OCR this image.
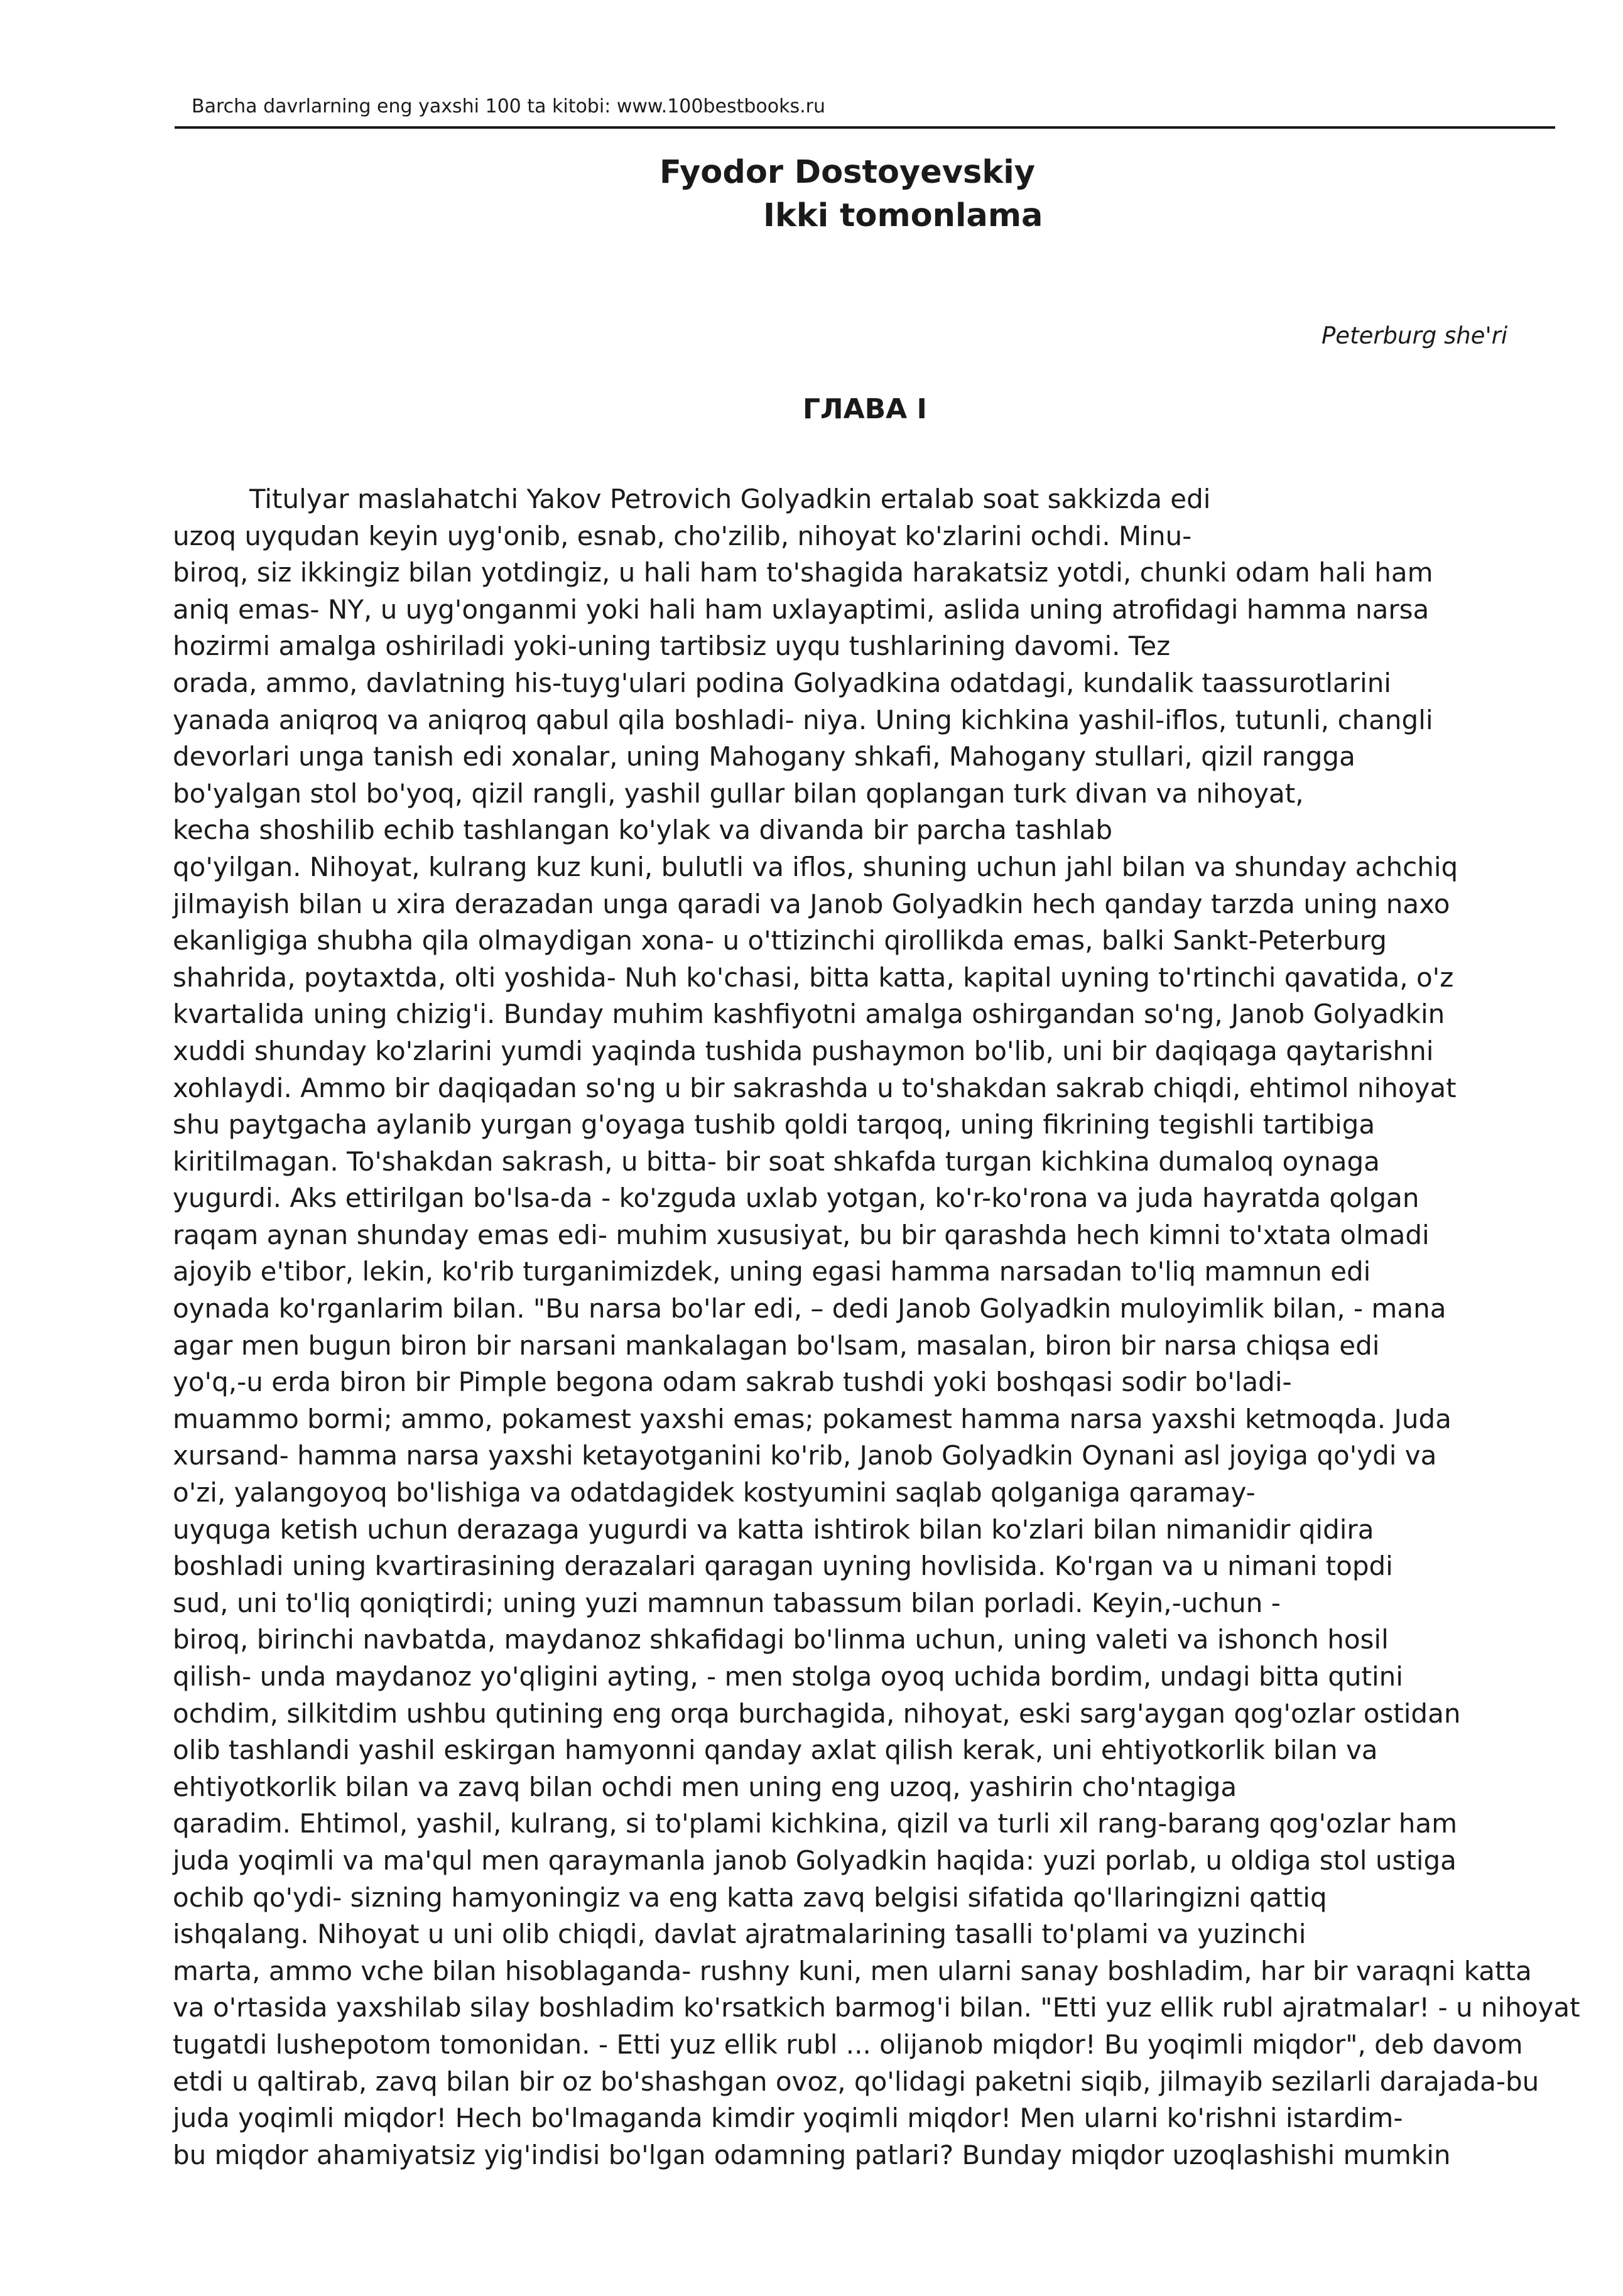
Barcha davrlarning eng yaxshi 100 ta kitobi: www.100bestbooks.ru
Fyodor Dostoyevskiy
Ikki tomonlama
Peterburg she'ri
ГЛАВА I
Titulyar maslahatchi Yakov Petrovich Golyadkin ertalab soat sakkizda edi
uzoq uyqudan keyin uyg'onib, esnab, cho'zilib, nihoyat ko'zlarini ochdi. Minu-
biroq, siz ikkingiz bilan yotdingiz, u hali ham to'shagida harakatsiz yotdi, chunki odam hali ham
aniq emas- NY, u uyg'onganmi yoki hali ham uxlayaptimi, aslida uning atrofidagi hamma narsa
hozirmi amalga oshiriladi yoki-uning tartibsiz uyqu tushlarining davomi. Tez
orada, ammo, davlatning his-tuyg'ulari podina Golyadkina odatdagi, kundalik taassurotlarini
yanada aniqroq va aniqroq qabul qila boshladi- niya. Uning kichkina yashil-iflos, tutunli, changli
devorlari unga tanish edi xonalar, uning Mahogany shkafi, Mahogany stullari, qizil rangga
bo'yalgan stol bo'yoq, qizil rangli, yashil gullar bilan qoplangan turk divan va nihoyat,
kecha shoshilib echib tashlangan ko'ylak va divanda bir parcha tashlab
qo'yilgan. Nihoyat, kulrang kuz kuni, bulutli va iflos, shuning uchun jahl bilan va shunday achchiq
jilmayish bilan u xira derazadan unga qaradi va Janob Golyadkin hech qanday tarzda uning naxo
ekanligiga shubha qila olmaydigan xona- u o'ttizinchi qirollikda emas, balki Sankt-Peterburg
shahrida, poytaxtda, olti yoshida- Nuh ko'chasi, bitta katta, kapital uyning to'rtinchi qavatida, o'z
kvartalida uning chizig'i. Bunday muhim kashfiyotni amalga oshirgandan so'ng, Janob Golyadkin
xuddi shunday ko'zlarini yumdi yaqinda tushida pushaymon bo'lib, uni bir daqiqaga qaytarishni
xohlaydi. Ammo bir daqiqadan so'ng u bir sakrashda u to'shakdan sakrab chiqdi, ehtimol nihoyat
shu paytgacha aylanib yurgan g'oyaga tushib qoldi tarqoq, uning fikrining tegishli tartibiga
kiritilmagan. To'shakdan sakrash, u bitta- bir soat shkafda turgan kichkina dumaloq oynaga
yugurdi. Aks ettirilgan bo'lsa-da - ko'zguda uxlab yotgan, ko'r-ko'rona va juda hayratda qolgan
raqam aynan shunday emas edi- muhim xususiyat, bu bir qarashda hech kimni to'xtata olmadi
ajoyib e'tibor, lekin, ko'rib turganimizdek, uning egasi hamma narsadan to'liq mamnun edi
oynada ko'rganlarim bilan. "Bu narsa bo'lar edi, – dedi Janob Golyadkin muloyimlik bilan, - mana
agar men bugun biron bir narsani mankalagan bo'lsam, masalan, biron bir narsa chiqsa edi
yo'q,-u erda biron bir Pimple begona odam sakrab tushdi yoki boshqasi sodir bo'ladi-
muammo bormi; ammo, pokamest yaxshi emas; pokamest hamma narsa yaxshi ketmoqda. Juda
xursand- hamma narsa yaxshi ketayotganini ko'rib, Janob Golyadkin Oynani asl joyiga qo'ydi va
o'zi, yalangoyoq bo'lishiga va odatdagidek kostyumini saqlab qolganiga qaramay-
uyquga ketish uchun derazaga yugurdi va katta ishtirok bilan ko'zlari bilan nimanidir qidira
boshladi uning kvartirasining derazalari qaragan uyning hovlisida. Ko'rgan va u nimani topdi
sud, uni to'liq qoniqtirdi; uning yuzi mamnun tabassum bilan porladi. Keyin,-uchun -
biroq, birinchi navbatda, maydanoz shkafidagi bo'linma uchun, uning valeti va ishonch hosil
qilish- unda maydanoz yo'qligini ayting, - men stolga oyoq uchida bordim, undagi bitta qutini
ochdim, silkitdim ushbu qutining eng orqa burchagida, nihoyat, eski sarg'aygan qog'ozlar ostidan
olib tashlandi yashil eskirgan hamyonni qanday axlat qilish kerak, uni ehtiyotkorlik bilan va
ehtiyotkorlik bilan va zavq bilan ochdi men uning eng uzoq, yashirin cho'ntagiga
qaradim. Ehtimol, yashil, kulrang, si to'plami kichkina, qizil va turli xil rang-barang qog'ozlar ham
juda yoqimli va ma'qul men qaraymanla janob Golyadkin haqida: yuzi porlab, u oldiga stol ustiga
ochib qo'ydi- sizning hamyoningiz va eng katta zavq belgisi sifatida qo'llaringizni qattiq
ishqalang. Nihoyat u uni olib chiqdi, davlat ajratmalarining tasalli to'plami va yuzinchi
marta, ammo vche bilan hisoblaganda- rushny kuni, men ularni sanay boshladim, har bir varaqni katta
va o'rtasida yaxshilab silay boshladim ko'rsatkich barmog'i bilan. "Etti yuz ellik rubl ajratmalar! - u nihoyat
tugatdi lushepotom tomonidan. - Etti yuz ellik rubl ... olijanob miqdor! Bu yoqimli miqdor", deb davom
etdi u qaltirab, zavq bilan bir oz bo'shashgan ovoz, qo'lidagi paketni siqib, jilmayib sezilarli darajada-bu
juda yoqimli miqdor! Hech bo'lmaganda kimdir yoqimli miqdor! Men ularni ko'rishni istardim-
bu miqdor ahamiyatsiz yig'indisi bo'lgan odamning patlari? Bunday miqdor uzoqlashishi mumkin
